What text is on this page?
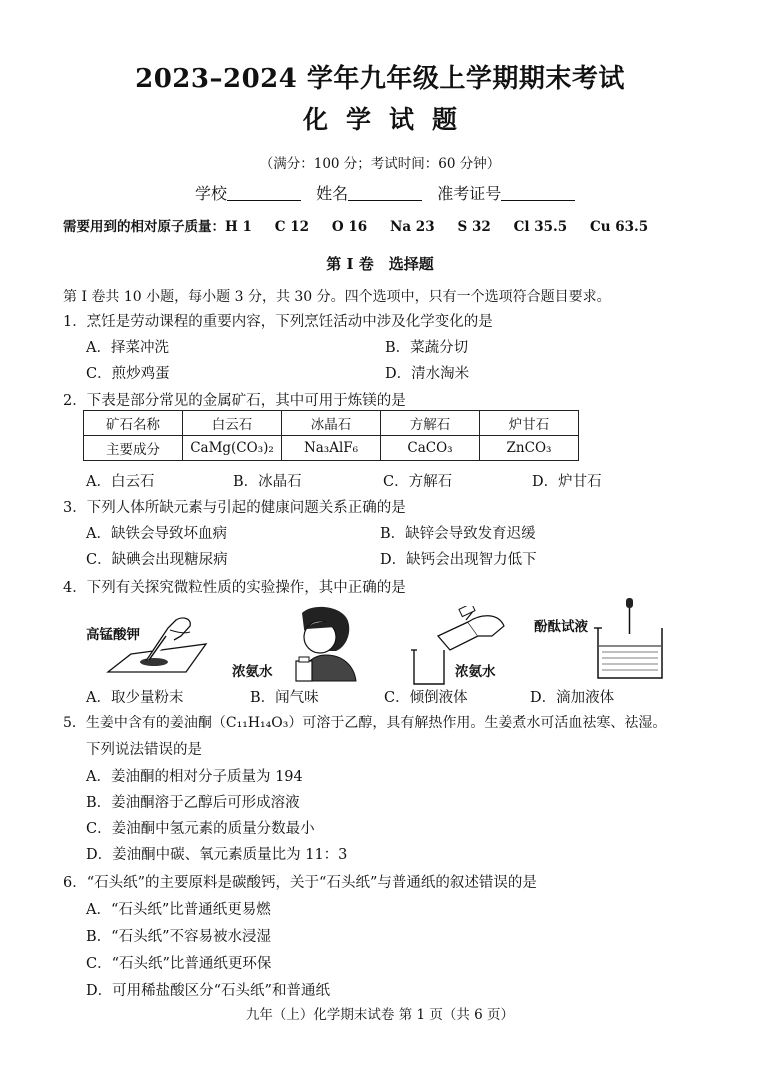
2023–2024 学年九年级上学期期末考试
化学试题
（满分：100 分；考试时间：60 分钟）
学校	姓名	准考证号
需要用到的相对原子质量：H 1 　 C 12 　 O 16 　 Na 23 　 S 32 　 Cl 35.5 　 Cu 63.5
第 I 卷　选择题
第 I 卷共 10 小题，每小题 3 分，共 30 分。四个选项中，只有一个选项符合题目要求。
1．烹饪是劳动课程的重要内容，下列烹饪活动中涉及化学变化的是
A．择菜冲洗	B．菜蔬分切
C．煎炒鸡蛋	D．清水淘米
2．下表是部分常见的金属矿石，其中可用于炼镁的是
矿石名称	白云石	冰晶石	方解石	炉甘石
主要成分	CaMg(CO₃)₂	Na₃AlF₆	CaCO₃	ZnCO₃
A．白云石	B．冰晶石	C．方解石	D．炉甘石
3．下列人体所缺元素与引起的健康问题关系正确的是
A．缺铁会导致坏血病	B．缺锌会导致发育迟缓
C．缺碘会出现糖尿病	D．缺钙会出现智力低下
4．下列有关探究微粒性质的实验操作，其中正确的是
高锰酸钾
浓氨水	浓氨水
酚酞试液
A．取少量粉末	B．闻气味	C．倾倒液体	D．滴加液体
5．生姜中含有的姜油酮（C₁₁H₁₄O₃）可溶于乙醇，具有解热作用。生姜煮水可活血祛寒、祛湿。
下列说法错误的是
A．姜油酮的相对分子质量为 194
B．姜油酮溶于乙醇后可形成溶液
C．姜油酮中氢元素的质量分数最小
D．姜油酮中碳、氧元素质量比为 11：3
6．“石头纸”的主要原料是碳酸钙，关于“石头纸”与普通纸的叙述错误的是
A．“石头纸”比普通纸更易燃
B．“石头纸”不容易被水浸湿
C．“石头纸”比普通纸更环保
D．可用稀盐酸区分“石头纸”和普通纸
九年（上）化学期末试卷 第 1 页（共 6 页）
